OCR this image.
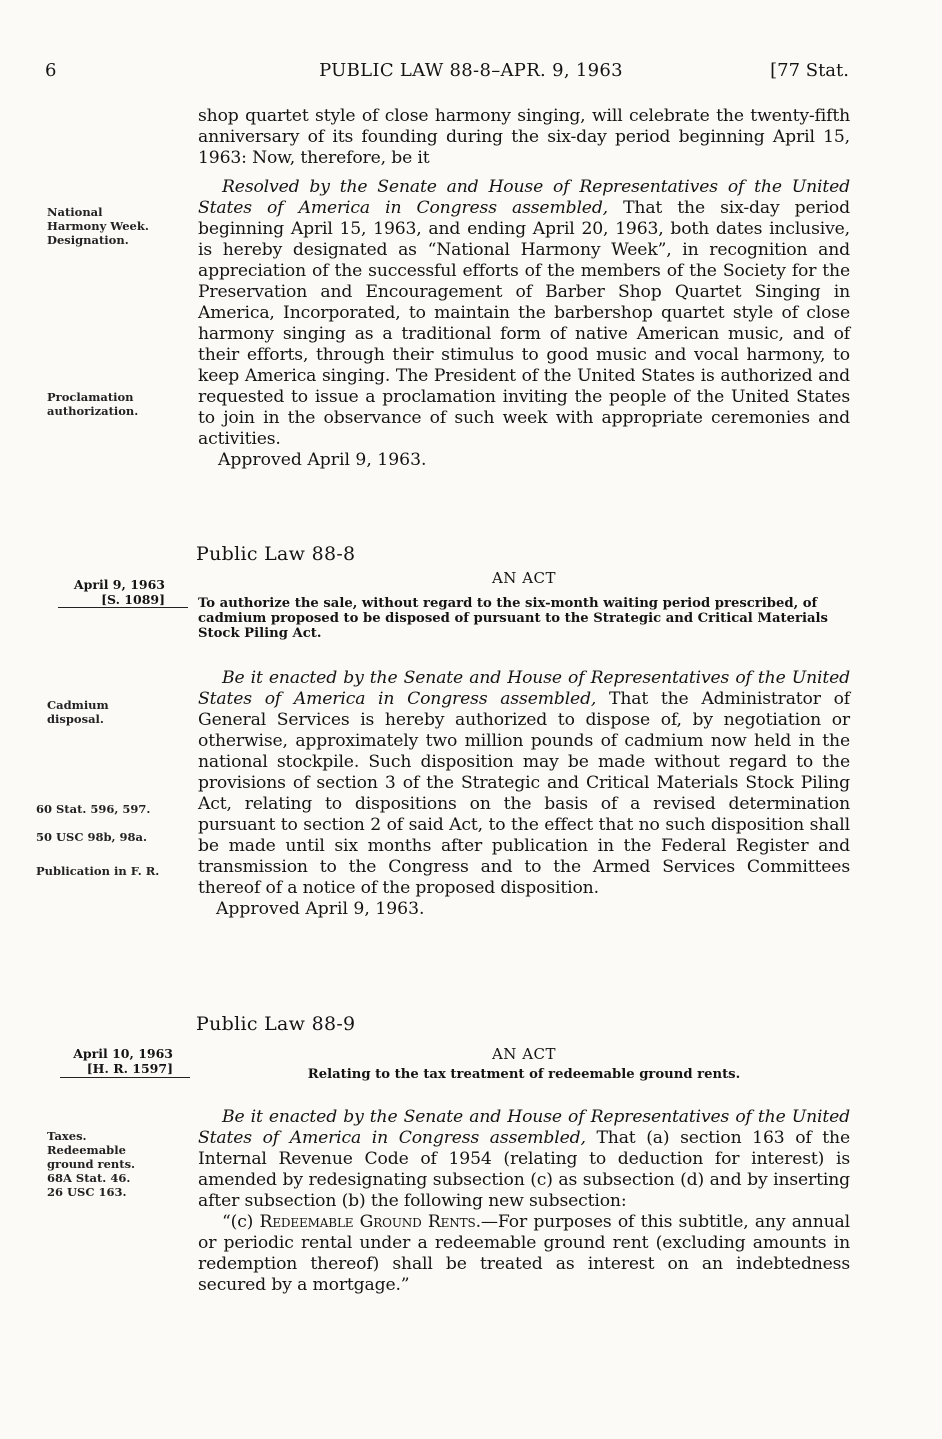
6	PUBLIC LAW 88-8–APR. 9, 1963	[77 Stat.

shop quartet style of close harmony singing, will celebrate the twenty-fifth anniversary of its founding during the six-day period beginning April 15, 1963: Now, therefore, be it

Resolved by the Senate and House of Representatives of the United States of America in Congress assembled, That the six-day period beginning April 15, 1963, and ending April 20, 1963, both dates inclusive, is hereby designated as “National Harmony Week”, in recognition and appreciation of the successful efforts of the members of the Society for the Preservation and Encouragement of Barber Shop Quartet Singing in America, Incorporated, to maintain the barbershop quartet style of close harmony singing as a traditional form of native American music, and of their efforts, through their stimulus to good music and vocal harmony, to keep America singing. The President of the United States is authorized and requested to issue a proclamation inviting the people of the United States to join in the observance of such week with appropriate ceremonies and activities.

Approved April 9, 1963.

National Harmony Week. Designation.
Proclamation authorization.
Public Law 88-8
AN ACT
April 9, 1963
[S. 1089]	To authorize the sale, without regard to the six-month waiting period prescribed, of cadmium proposed to be disposed of pursuant to the Strategic and Critical Materials Stock Piling Act.

Be it enacted by the Senate and House of Representatives of the United States of America in Congress assembled, That the Administrator of General Services is hereby authorized to dispose of, by negotiation or otherwise, approximately two million pounds of cadmium now held in the national stockpile. Such disposition may be made without regard to the provisions of section 3 of the Strategic and Critical Materials Stock Piling Act, relating to dispositions on the basis of a revised determination pursuant to section 2 of said Act, to the effect that no such disposition shall be made until six months after publication in the Federal Register and transmission to the Congress and to the Armed Services Committees thereof of a notice of the proposed disposition.

Approved April 9, 1963.

Cadmium disposal.
60 Stat. 596, 597.
50 USC 98b, 98a.
Publication in F. R.
Public Law 88-9
AN ACT
April 10, 1963
[H. R. 1597]	Relating to the tax treatment of redeemable ground rents.

Be it enacted by the Senate and House of Representatives of the United States of America in Congress assembled, That (a) section 163 of the Internal Revenue Code of 1954 (relating to deduction for interest) is amended by redesignating subsection (c) as subsection (d) and by inserting after subsection (b) the following new subsection:

“(c) Redeemable Ground Rents.—For purposes of this subtitle, any annual or periodic rental under a redeemable ground rent (excluding amounts in redemption thereof) shall be treated as interest on an indebtedness secured by a mortgage.”

Taxes.
Redeemable ground rents.
68A Stat. 46.
26 USC 163.
